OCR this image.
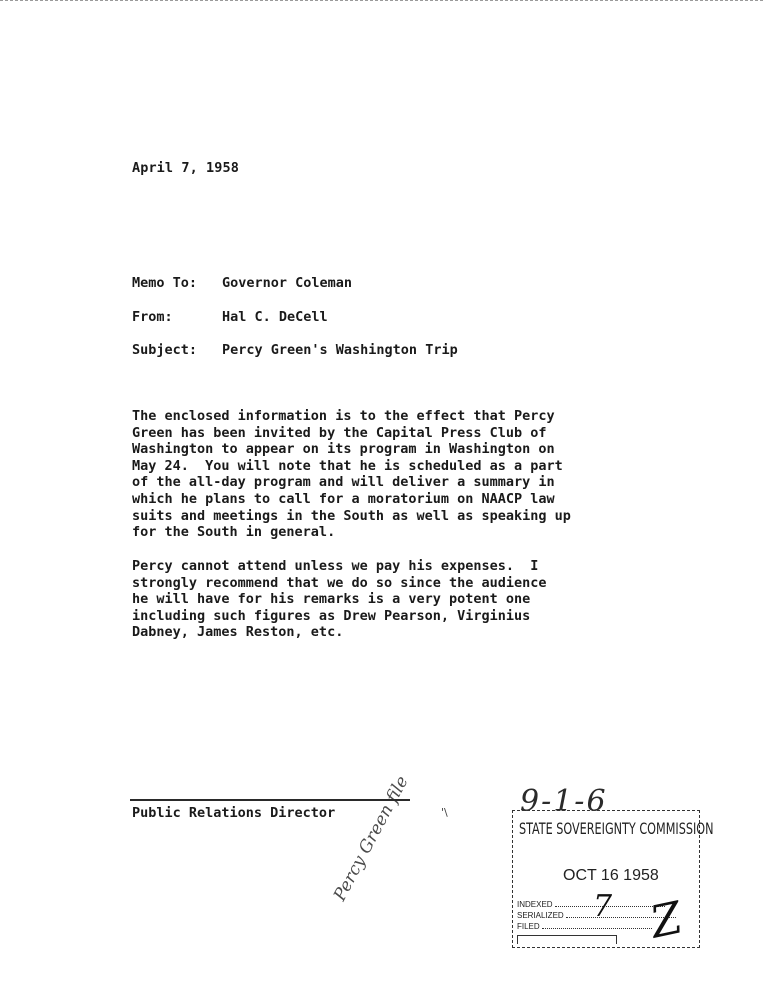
April 7, 1958
Memo To: Governor Coleman
From:	Hal C. DeCell
Subject: Percy Green's Washington Trip
The enclosed information is to the effect that Percy
Green has been invited by the Capital Press Club of
Washington to appear on its program in Washington on
May 24.  You will note that he is scheduled as a part
of the all-day program and will deliver a summary in
which he plans to call for a moratorium on NAACP law
suits and meetings in the South as well as speaking up
for the South in general.
Percy cannot attend unless we pay his expenses.  I
strongly recommend that we do so since the audience
he will have for his remarks is a very potent one
including such figures as Drew Pearson, Virginius
Dabney, James Reston, etc.
Public Relations Director	'\ 9-1-6
Percy Green file	STATE SOVEREIGNTY COMMISSION
OCT 16 1958
INDEXED
SERIALIZED
FILED
7 Z
